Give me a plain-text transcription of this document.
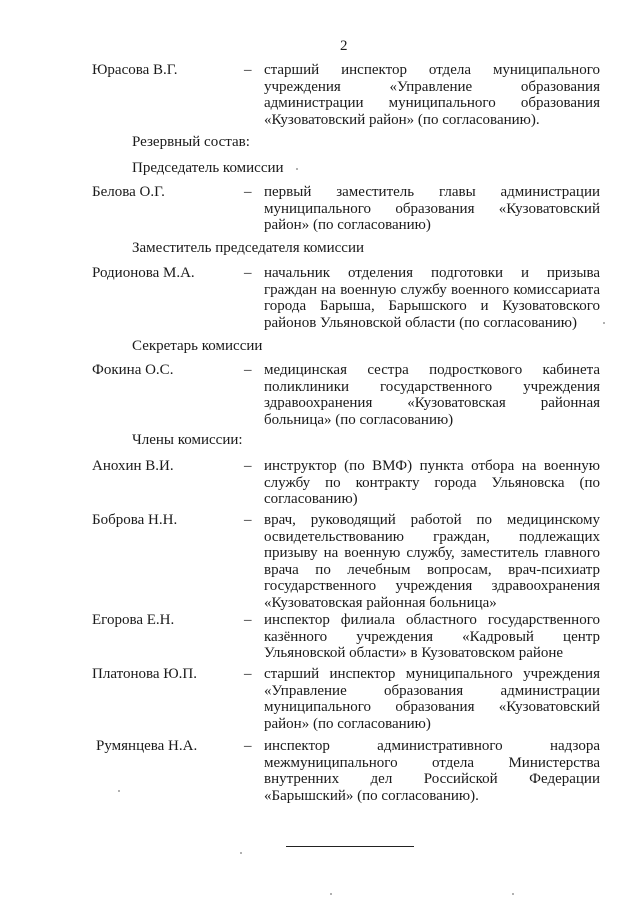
2
Юрасова В.Г.	– старший инспектор отдела муниципального учреждения «Управление образования администрации муниципального образования «Кузоватовский район» (по согласованию).
Резервный состав:
Председатель комиссии
Белова О.Г.	– первый заместитель главы администрации муниципального образования «Кузоватовский район» (по согласованию)
Заместитель председателя комиссии
Родионова М.А.	– начальник отделения подготовки и призыва граждан на военную службу военного комиссариата города Барыша, Барышского и Кузоватовского районов Ульяновской области (по согласованию)
Секретарь комиссии
Фокина О.С.	– медицинская сестра подросткового кабинета поликлиники государственного учреждения здравоохранения «Кузоватовская районная больница» (по согласованию)
Члены комиссии:
Анохин В.И.	– инструктор (по ВМФ) пункта отбора на военную службу по контракту города Ульяновска (по согласованию)
Боброва Н.Н.	– врач, руководящий работой по медицинскому освидетельствованию граждан, подлежащих призыву на военную службу, заместитель главного врача по лечебным вопросам, врач-психиатр государственного учреждения здравоохранения «Кузоватовская районная больница»
Егорова Е.Н.	– инспектор филиала областного государственного казённого учреждения «Кадровый центр Ульяновской области» в Кузоватовском районе
Платонова Ю.П.	– старший инспектор муниципального учреждения «Управление образования администрации муниципального образования «Кузоватовский район» (по согласованию)
Румянцева Н.А.	– инспектор административного надзора межмуниципального отдела Министерства внутренних дел Российской Федерации «Барышский» (по согласованию).
